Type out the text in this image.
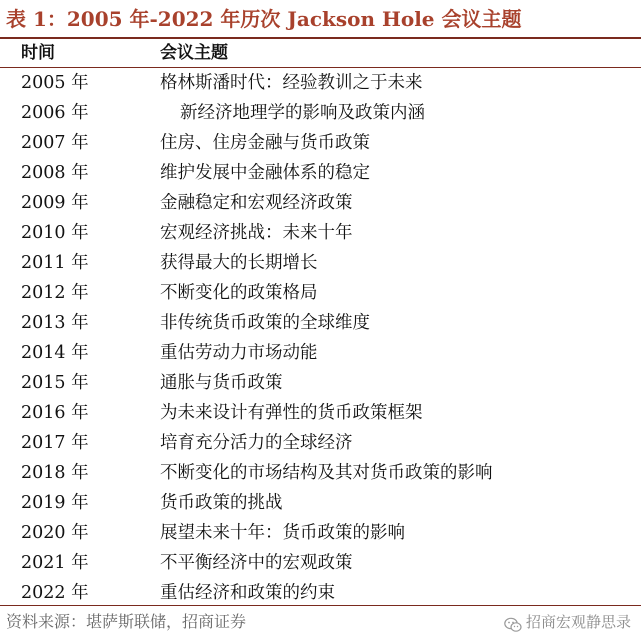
表 1：2005 年-2022 年历次 Jackson Hole 会议主题
时间	会议主题
2005 年	格林斯潘时代：经验教训之于未来
2006 年	新经济地理学的影响及政策内涵
2007 年	住房、住房金融与货币政策
2008 年	维护发展中金融体系的稳定
2009 年	金融稳定和宏观经济政策
2010 年	宏观经济挑战：未来十年
2011 年	获得最大的长期增长
2012 年	不断变化的政策格局
2013 年	非传统货币政策的全球维度
2014 年	重估劳动力市场动能
2015 年	通胀与货币政策
2016 年	为未来设计有弹性的货币政策框架
2017 年	培育充分活力的全球经济
2018 年	不断变化的市场结构及其对货币政策的影响
2019 年	货币政策的挑战
2020 年	展望未来十年：货币政策的影响
2021 年	不平衡经济中的宏观政策
2022 年	重估经济和政策的约束
资料来源：堪萨斯联储，招商证券	招商宏观静思录
